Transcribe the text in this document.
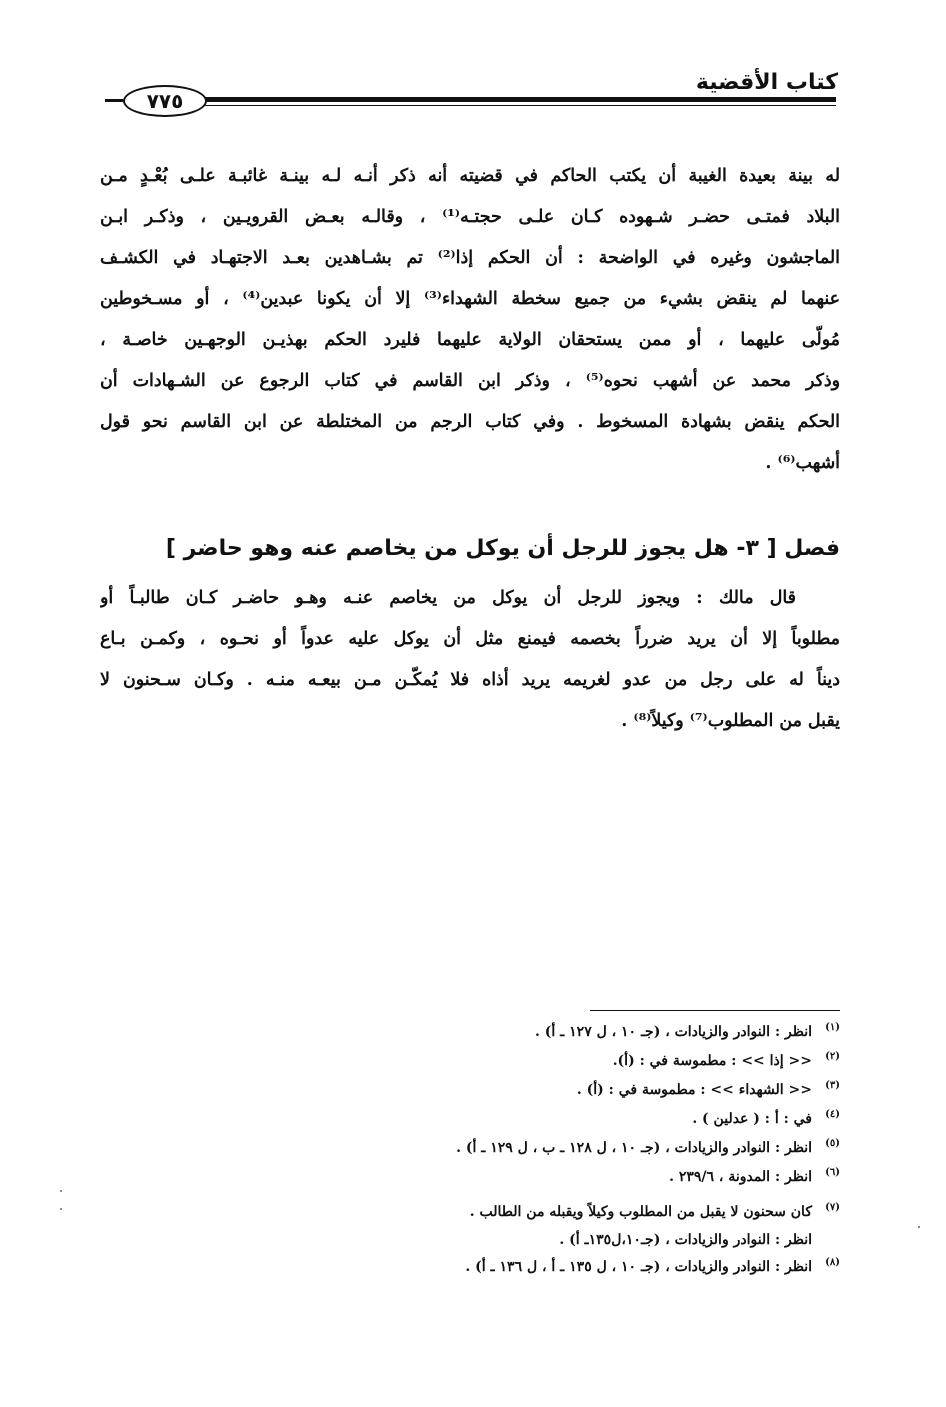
كتاب الأقضية
٧٧٥
له بينة بعيدة الغيبة أن يكتب الحاكم في قضيته أنه ذكر أنـه لـه بينـة غائبـة علـى بُعْـدٍ مـن
البلاد فمتـى حضـر شـهوده كـان علـى حجتـه⁽¹⁾ ، وقالـه بعـض القرويـين ، وذكـر ابـن
الماجشون وغيره في الواضحة : أن الحكم إذا⁽²⁾ تم بشـاهدين بعـد الاجتهـاد في الكشـف
عنهما لم ينقض بشيء من جميع سخطة الشهداء⁽³⁾ إلا أن يكونا عبدين⁽⁴⁾ ، أو مسـخوطين
مُولّى عليهما ، أو ممن يستحقان الولاية عليهما فليرد الحكم بهذيـن الوجهـين خاصـة ،
وذكر محمد عن أشهب نحوه⁽⁵⁾ ، وذكر ابن القاسم في كتاب الرجوع عن الشـهادات أن
الحكم ينقض بشهادة المسخوط . وفي كتاب الرجم من المختلطة عن ابن القاسم نحو قول
أشهب⁽⁶⁾ .
فصل [ ٣- هل يجوز للرجل أن يوكل من يخاصم عنه وهو حاضر ]
قال مالك : ويجوز للرجل أن يوكل من يخاصم عنـه وهـو حاضـر كـان طالبـاً أو
مطلوباً إلا أن يريد ضرراً بخصمه فيمنع مثل أن يوكل عليه عدواً أو نحـوه ، وكمـن بـاع
ديناً له على رجل من عدو لغريمه يريد أذاه فلا يُمكّـن مـن بيعـه منـه . وكـان سـحنون لا
يقبل من المطلوب⁽⁷⁾ وكيلاً⁽⁸⁾ .
(١)انظر : النوادر والزيادات ، (جـ ١٠ ، ل ١٢٧ ـ أ) .
(٢)<< إذا >> : مطموسة في : (أ).
(٣)<< الشهداء >> : مطموسة في : (أ) .
(٤)في : أ : ( عدلين ) .
(٥)انظر : النوادر والزيادات ، (جـ ١٠ ، ل ١٢٨ ـ ب ، ل ١٢٩ ـ أ) .
(٦)انظر : المدونة ، ٢٣٩/٦ .
(٧)كان سحنون لا يقبل من المطلوب وكيلاً ويقبله من الطالب .
انظر : النوادر والزيادات ، (جـ١٠،ل١٣٥ـ أ) .
(٨)انظر : النوادر والزيادات ، (جـ ١٠ ، ل ١٣٥ ـ أ ، ل ١٣٦ ـ أ) .
